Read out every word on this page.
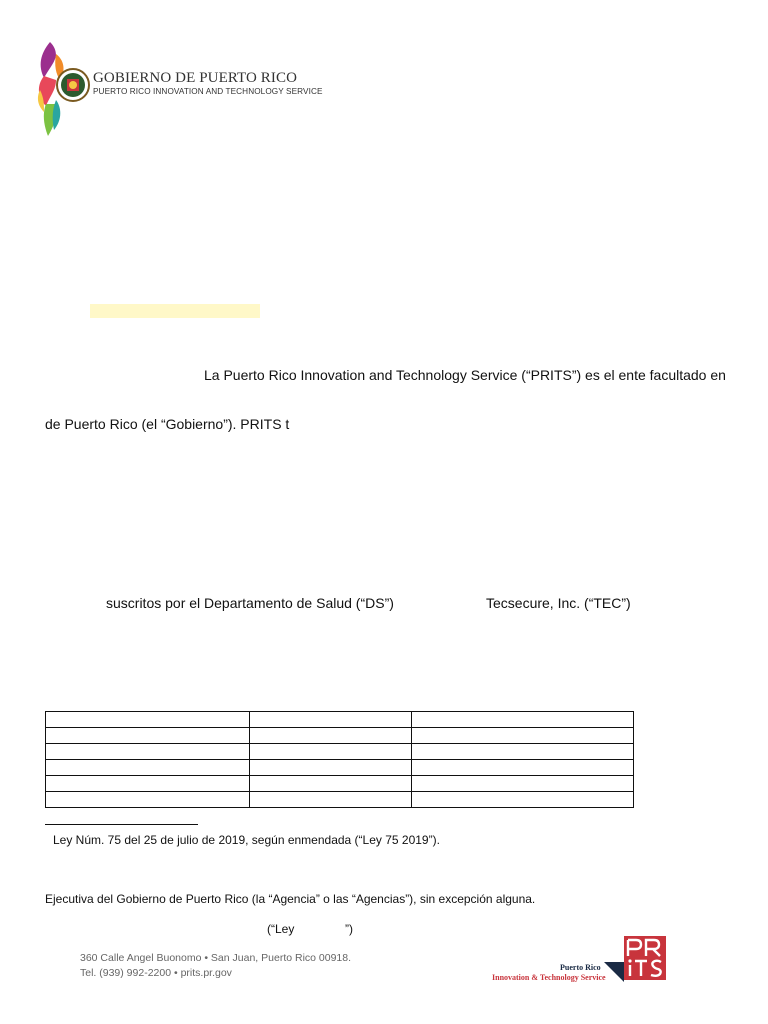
GOBIERNO DE PUERTO RICO
PUERTO RICO INNOVATION AND TECHNOLOGY SERVICE
La Puerto Rico Innovation and Technology Service (“PRITS”) es el ente facultado en
de Puerto Rico (el “Gobierno”). PRITS t
suscritos por el Departamento de Salud (“DS”)	Tecsecure, Inc. (“TEC”)

Ley Núm. 75 del 25 de julio de 2019, según enmendada (“Ley 75 2019”).
Ejecutiva del Gobierno de Puerto Rico (la “Agencia” o las “Agencias”), sin excepción alguna.
(“Ley	”)
360 Calle Angel Buonomo • San Juan, Puerto Rico 00918.
Tel. (939) 992-2200 • prits.pr.gov	Puerto Rico
Innovation & Technology Service
